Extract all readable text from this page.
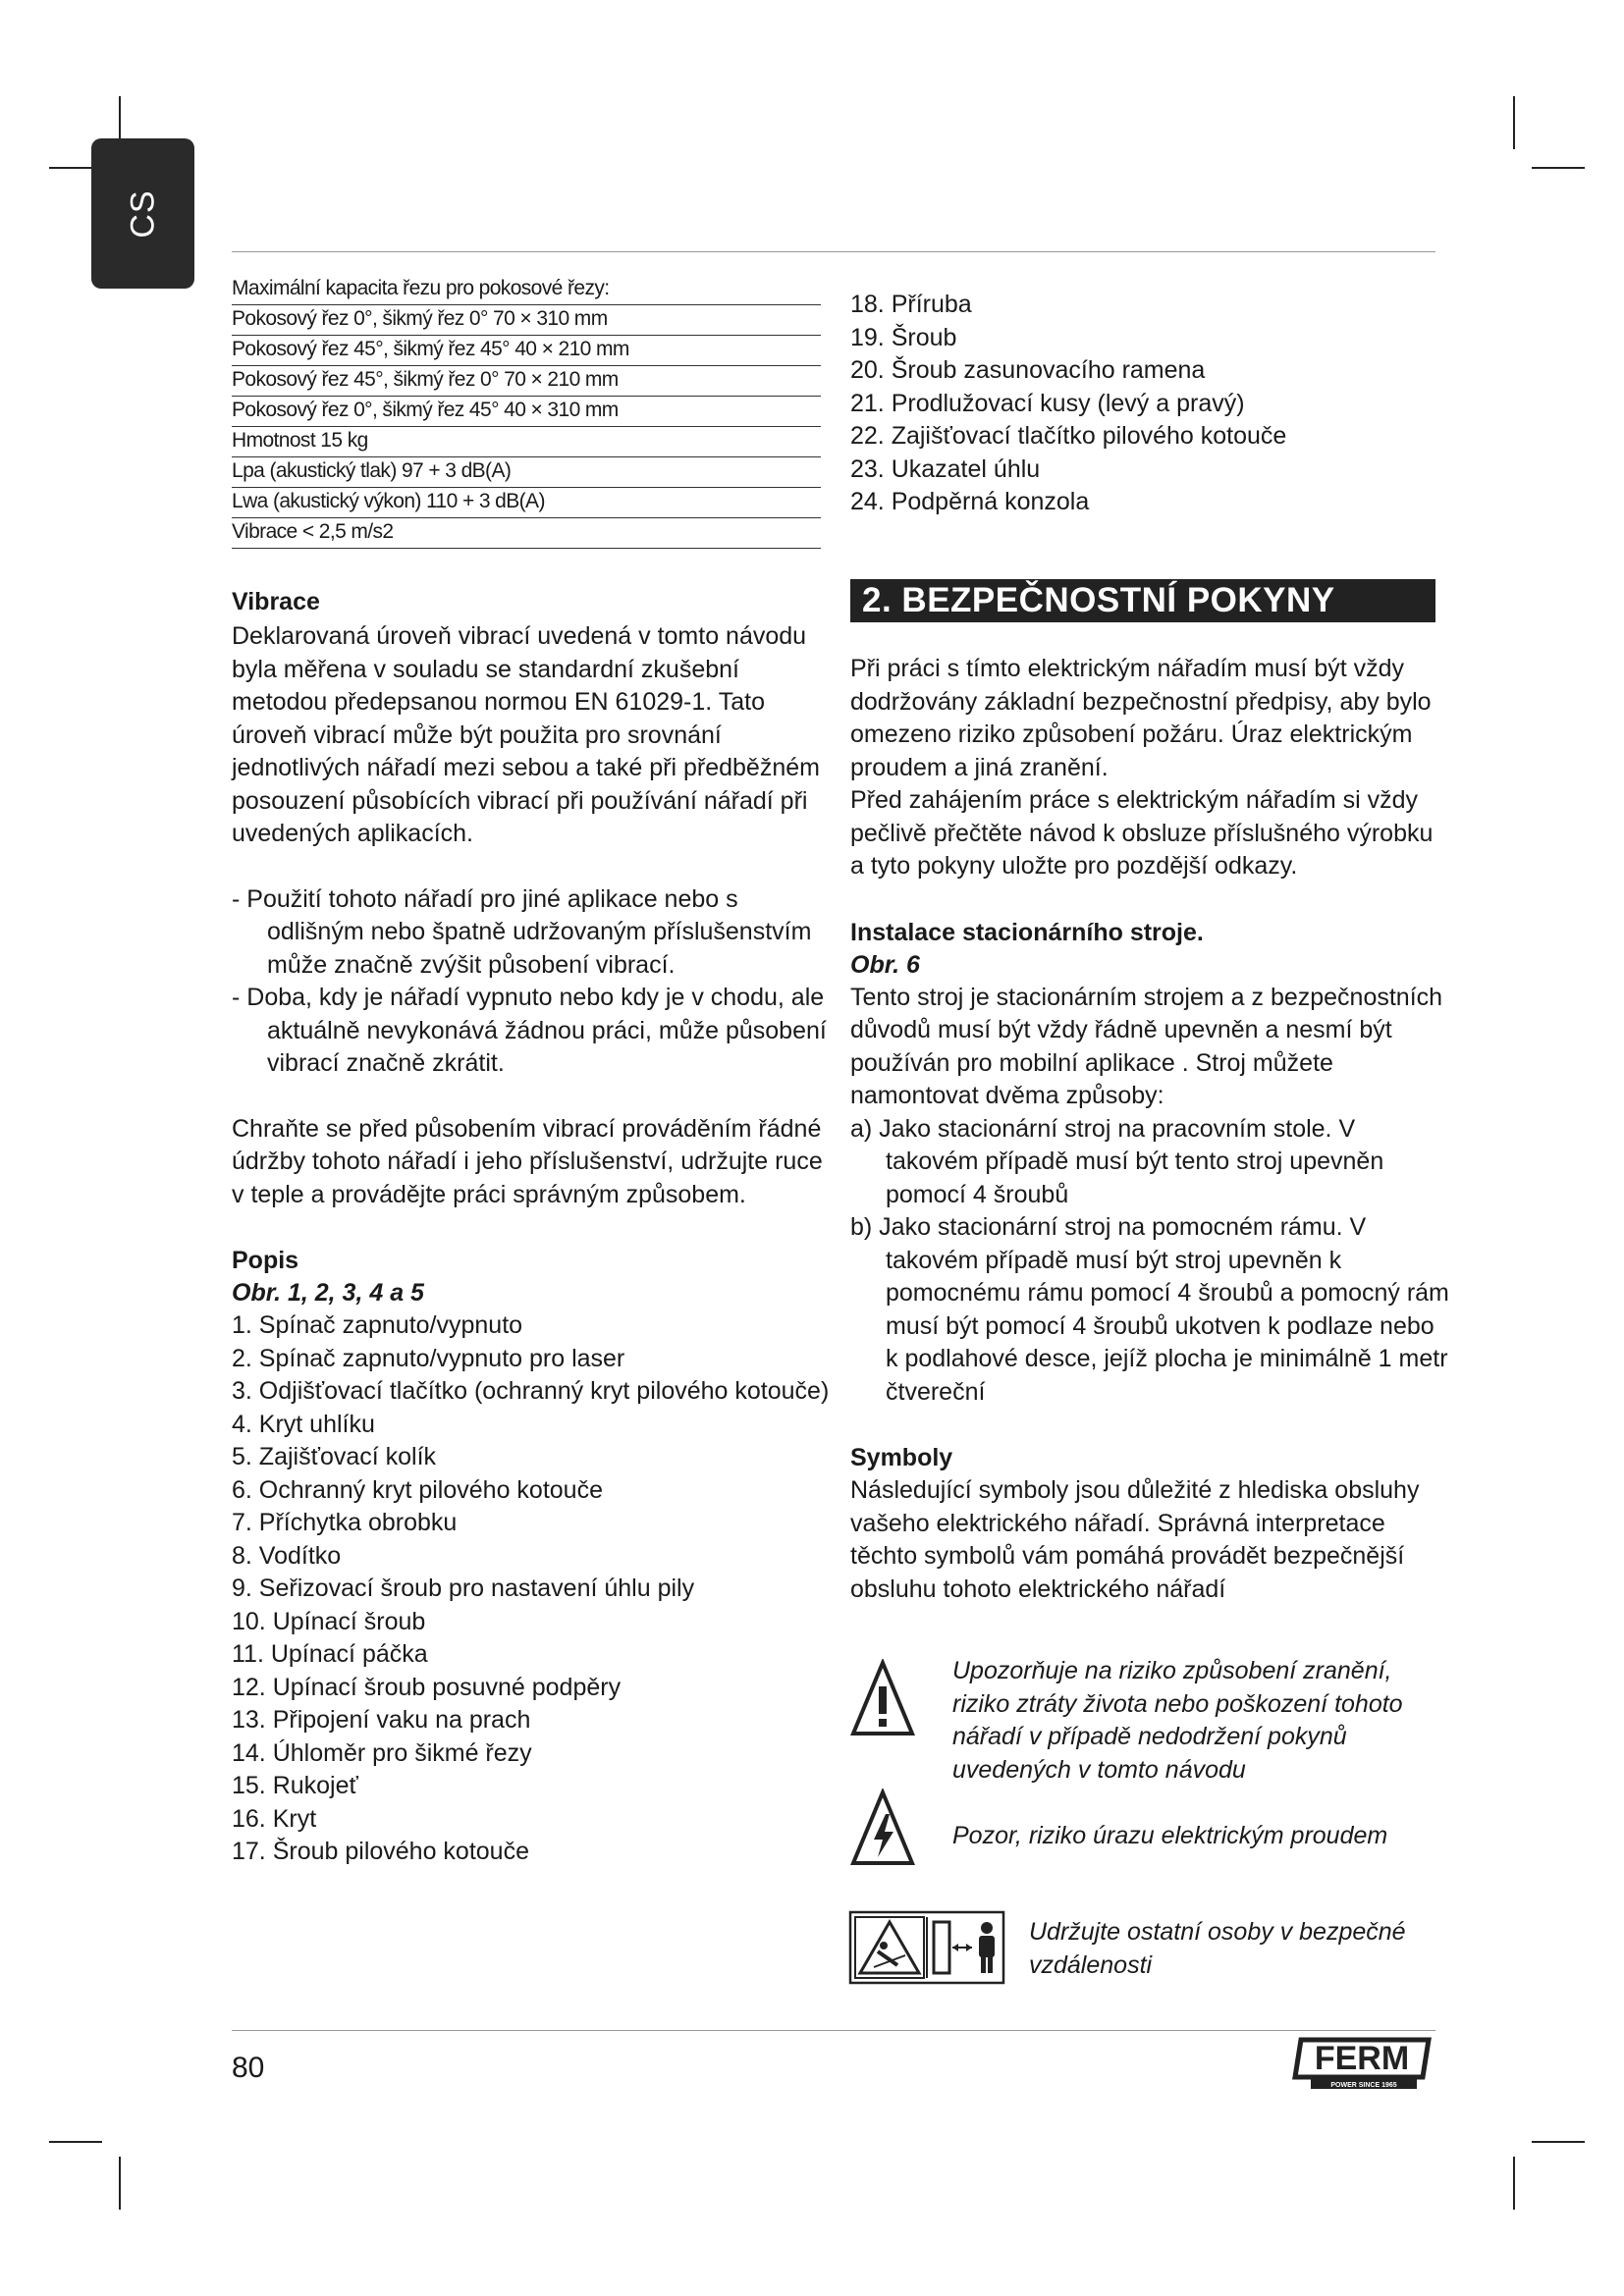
CS
Maximální kapacita řezu pro pokosové řezy:
Pokosový řez 0°, šikmý řez 0° 70 × 310 mm
Pokosový řez 45°, šikmý řez 45° 40 × 210 mm
Pokosový řez 45°, šikmý řez 0° 70 × 210 mm
Pokosový řez 0°, šikmý řez 45° 40 × 310 mm
Hmotnost 15 kg
Lpa (akustický tlak) 97 + 3 dB(A)
Lwa (akustický výkon) 110 + 3 dB(A)
Vibrace < 2,5 m/s2
Vibrace

Deklarovaná úroveň vibrací uvedená v tomto návodu byla měřena v souladu se standardní zkušební metodou předepsanou normou EN 61029-1. Tato úroveň vibrací může být použita pro srovnání jednotlivých nářadí mezi sebou a také při předběžném posouzení působících vibrací při používání nářadí při uvedených aplikacích.

- Použití tohoto nářadí pro jiné aplikace nebo s odlišným nebo špatně udržovaným příslušenstvím může značně zvýšit působení vibrací.

- Doba, kdy je nářadí vypnuto nebo kdy je v chodu, ale aktuálně nevykonává žádnou práci, může působení vibrací značně zkrátit.

Chraňte se před působením vibrací prováděním řádné údržby tohoto nářadí i jeho příslušenství, udržujte ruce v teple a provádějte práci správným způsobem.

Popis
Obr. 1, 2, 3, 4 a 5

1. Spínač zapnuto/vypnuto

2. Spínač zapnuto/vypnuto pro laser

3. Odjišťovací tlačítko (ochranný kryt pilového kotouče)

4. Kryt uhlíku

5. Zajišťovací kolík

6. Ochranný kryt pilového kotouče

7. Příchytka obrobku

8. Vodítko

9. Seřizovací šroub pro nastavení úhlu pily

10. Upínací šroub

11. Upínací páčka

12. Upínací šroub posuvné podpěry

13. Připojení vaku na prach

14. Úhloměr pro šikmé řezy

15. Rukojeť

16. Kryt

17. Šroub pilového kotouče

18. Příruba

19. Šroub

20. Šroub zasunovacího ramena

21. Prodlužovací kusy (levý a pravý)

22. Zajišťovací tlačítko pilového kotouče

23. Ukazatel úhlu

24. Podpěrná konzola

2. BEZPEČNOSTNÍ POKYNY

Při práci s tímto elektrickým nářadím musí být vždy dodržovány základní bezpečnostní předpisy, aby bylo omezeno riziko způsobení požáru. Úraz elektrickým proudem a jiná zranění.

Před zahájením práce s elektrickým nářadím si vždy pečlivě přečtěte návod k obsluze příslušného výrobku a tyto pokyny uložte pro pozdější odkazy.

Instalace stacionárního stroje.
Obr. 6

Tento stroj je stacionárním strojem a z bezpečnostních důvodů musí být vždy řádně upevněn a nesmí být používán pro mobilní aplikace . Stroj můžete namontovat dvěma způsoby:

a) Jako stacionární stroj na pracovním stole. V takovém případě musí být tento stroj upevněn pomocí 4 šroubů

b) Jako stacionární stroj na pomocném rámu. V takovém případě musí být stroj upevněn k pomocnému rámu pomocí 4 šroubů a pomocný rám musí být pomocí 4 šroubů ukotven k podlaze nebo k podlahové desce, jejíž plocha je minimálně 1 metr čtvereční

Symboly

Následující symboly jsou důležité z hlediska obsluhy vašeho elektrického nářadí. Správná interpretace těchto symbolů vám pomáhá provádět bezpečnější obsluhu tohoto elektrického nářadí

Upozorňuje na riziko způsobení zranění, riziko ztráty života nebo poškození tohoto nářadí v případě nedodržení pokynů uvedených v tomto návodu
Pozor, riziko úrazu elektrickým proudem
Udržujte ostatní osoby v bezpečné vzdálenosti
80	FERM
POWER SINCE 1965
